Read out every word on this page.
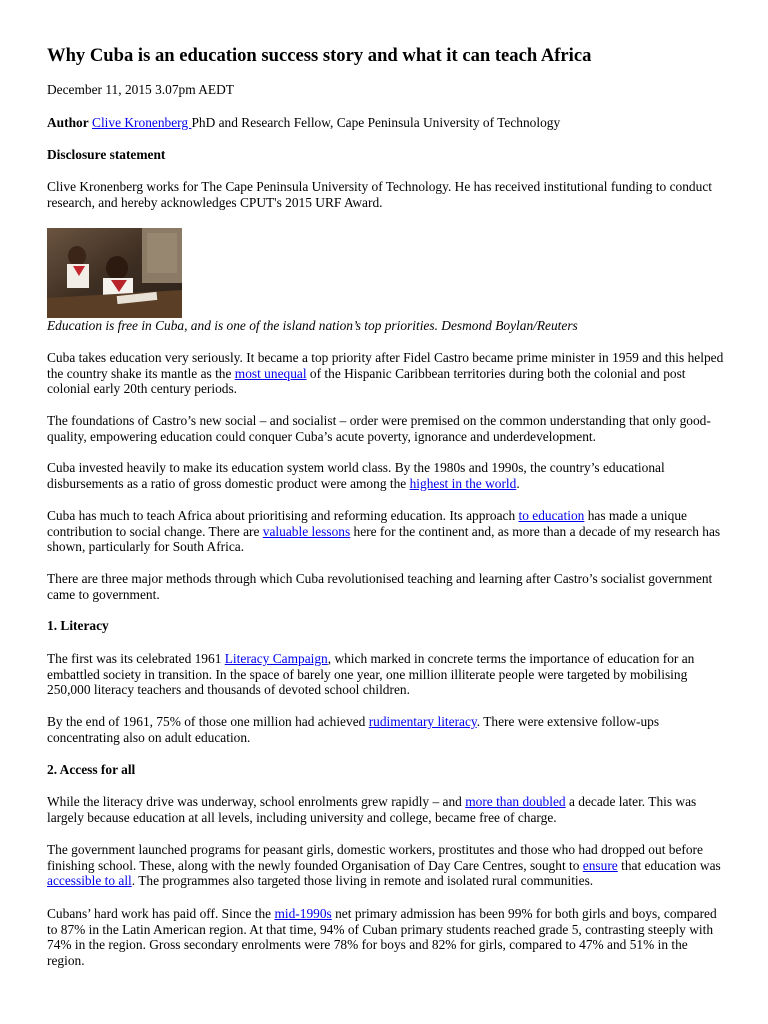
Why Cuba is an education success story and what it can teach Africa

December 11, 2015 3.07pm AEDT

Author Clive Kronenberg PhD and Research Fellow, Cape Peninsula University of Technology

Disclosure statement

Clive Kronenberg works for The Cape Peninsula University of Technology. He has received institutional funding to conduct research, and hereby acknowledges CPUT's 2015 URF Award.

Education is free in Cuba, and is one of the island nation’s top priorities. Desmond Boylan/Reuters

Cuba takes education very seriously. It became a top priority after Fidel Castro became prime minister in 1959 and this helped the country shake its mantle as the most unequal of the Hispanic Caribbean territories during both the colonial and post colonial early 20th century periods.

The foundations of Castro’s new social – and socialist – order were premised on the common understanding that only good-quality, empowering education could conquer Cuba’s acute poverty, ignorance and underdevelopment.

Cuba invested heavily to make its education system world class. By the 1980s and 1990s, the country’s educational disbursements as a ratio of gross domestic product were among the highest in the world.

Cuba has much to teach Africa about prioritising and reforming education. Its approach to education has made a unique contribution to social change. There are valuable lessons here for the continent and, as more than a decade of my research has shown, particularly for South Africa.

There are three major methods through which Cuba revolutionised teaching and learning after Castro’s socialist government came to government.

1. Literacy

The first was its celebrated 1961 Literacy Campaign, which marked in concrete terms the importance of education for an embattled society in transition. In the space of barely one year, one million illiterate people were targeted by mobilising 250,000 literacy teachers and thousands of devoted school children.

By the end of 1961, 75% of those one million had achieved rudimentary literacy. There were extensive follow-ups concentrating also on adult education.

2. Access for all

While the literacy drive was underway, school enrolments grew rapidly – and more than doubled a decade later. This was largely because education at all levels, including university and college, became free of charge.

The government launched programs for peasant girls, domestic workers, prostitutes and those who had dropped out before finishing school. These, along with the newly founded Organisation of Day Care Centres, sought to ensure that education was accessible to all. The programmes also targeted those living in remote and isolated rural communities.

Cubans’ hard work has paid off. Since the mid-1990s net primary admission has been 99% for both girls and boys, compared to 87% in the Latin American region. At that time, 94% of Cuban primary students reached grade 5, contrasting steeply with 74% in the region. Gross secondary enrolments were 78% for boys and 82% for girls, compared to 47% and 51% in the region.
